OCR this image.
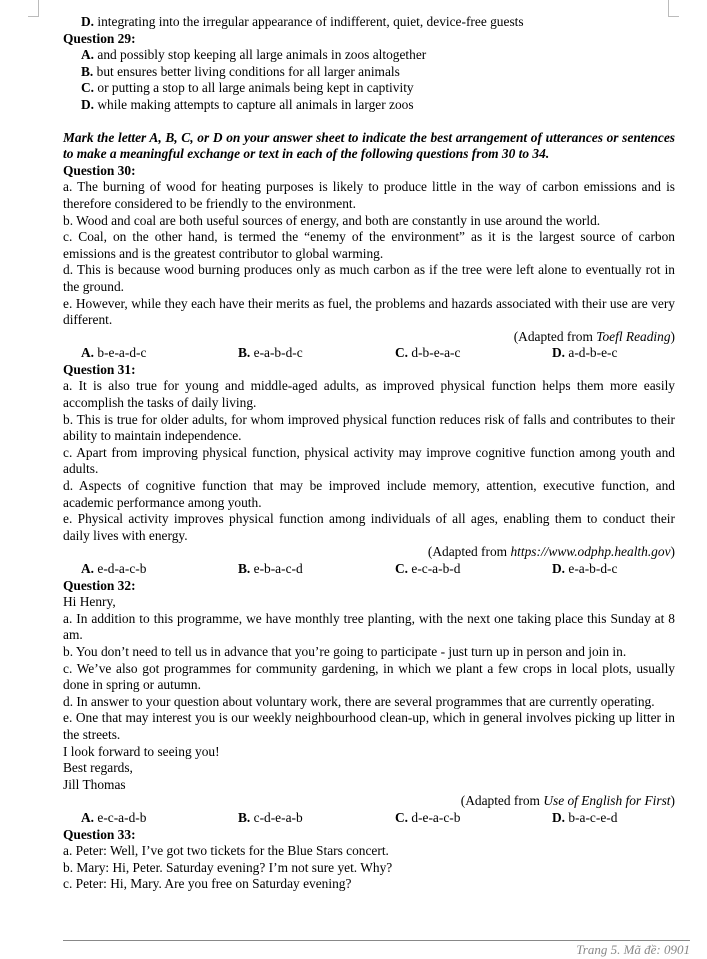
D. integrating into the irregular appearance of indifferent, quiet, device-free guests
Question 29:
A. and possibly stop keeping all large animals in zoos altogether
B. but ensures better living conditions for all larger animals
C. or putting a stop to all large animals being kept in captivity
D. while making attempts to capture all animals in larger zoos
Mark the letter A, B, C, or D on your answer sheet to indicate the best arrangement of utterances or sentences to make a meaningful exchange or text in each of the following questions from 30 to 34.
Question 30:
a. The burning of wood for heating purposes is likely to produce little in the way of carbon emissions and is therefore considered to be friendly to the environment.
b. Wood and coal are both useful sources of energy, and both are constantly in use around the world.
c. Coal, on the other hand, is termed the “enemy of the environment” as it is the largest source of carbon emissions and is the greatest contributor to global warming.
d. This is because wood burning produces only as much carbon as if the tree were left alone to eventually rot in the ground.
e. However, while they each have their merits as fuel, the problems and hazards associated with their use are very different.
(Adapted from Toefl Reading)
A. b-e-a-d-c	B. e-a-b-d-c	C. d-b-e-a-c	D. a-d-b-e-c
Question 31:
a. It is also true for young and middle-aged adults, as improved physical function helps them more easily accomplish the tasks of daily living.
b. This is true for older adults, for whom improved physical function reduces risk of falls and contributes to their ability to maintain independence.
c. Apart from improving physical function, physical activity may improve cognitive function among youth and adults.
d. Aspects of cognitive function that may be improved include memory, attention, executive function, and academic performance among youth.
e. Physical activity improves physical function among individuals of all ages, enabling them to conduct their daily lives with energy.
(Adapted from https://www.odphp.health.gov)
A. e-d-a-c-b	B. e-b-a-c-d	C. e-c-a-b-d	D. e-a-b-d-c
Question 32:
Hi Henry,
a. In addition to this programme, we have monthly tree planting, with the next one taking place this Sunday at 8 am.
b. You don’t need to tell us in advance that you’re going to participate - just turn up in person and join in.
c. We’ve also got programmes for community gardening, in which we plant a few crops in local plots, usually done in spring or autumn.
d. In answer to your question about voluntary work, there are several programmes that are currently operating.
e. One that may interest you is our weekly neighbourhood clean-up, which in general involves picking up litter in the streets.
I look forward to seeing you!
Best regards,
Jill Thomas
(Adapted from Use of English for First)
A. e-c-a-d-b	B. c-d-e-a-b	C. d-e-a-c-b	D. b-a-c-e-d
Question 33:
a. Peter: Well, I’ve got two tickets for the Blue Stars concert.
b. Mary: Hi, Peter. Saturday evening? I’m not sure yet. Why?
c. Peter: Hi, Mary. Are you free on Saturday evening?
Trang 5. Mã đề: 0901
